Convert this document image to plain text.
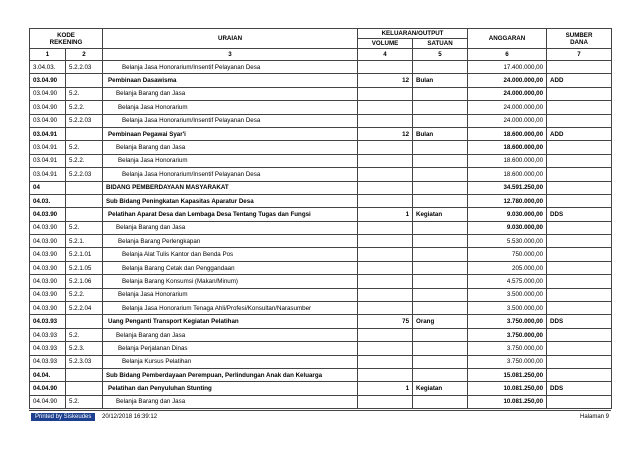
KODE
REKENING		URAIAN	KELUARAN/OUTPUT		ANGGARAN	SUMBER
DANA
			VOLUME	SATUAN		
1	2	3	4	5	6	7
3.04.03.	5.2.2.03	Belanja Jasa Honorarium/Insentif Pelayanan Desa			17.400.000,00	
03.04.90		Pembinaan Dasawisma	12	Bulan	24.000.000,00	ADD
03.04.90	5.2.	Belanja Barang dan Jasa			24.000.000,00	
03.04.90	5.2.2.	Belanja Jasa Honorarium			24.000.000,00	
03.04.90	5.2.2.03	Belanja Jasa Honorarium/Insentif Pelayanan Desa			24.000.000,00	
03.04.91		Pembinaan Pegawai Syar'i	12	Bulan	18.600.000,00	ADD
03.04.91	5.2.	Belanja Barang dan Jasa			18.600.000,00	
03.04.91	5.2.2.	Belanja Jasa Honorarium			18.600.000,00	
03.04.91	5.2.2.03	Belanja Jasa Honorarium/Insentif Pelayanan Desa			18.600.000,00	
04		BIDANG PEMBERDAYAAN MASYARAKAT			34.591.250,00	
04.03.		Sub Bidang Peningkatan Kapasitas Aparatur Desa			12.780.000,00	
04.03.90		Pelatihan Aparat Desa dan Lembaga Desa Tentang Tugas dan Fungsi	1	Kegiatan	9.030.000,00	DDS
04.03.90	5.2.	Belanja Barang dan Jasa			9.030.000,00	
04.03.90	5.2.1.	Belanja Barang Perlengkapan			5.530.000,00	
04.03.90	5.2.1.01	Belanja Alat Tulis Kantor dan Benda Pos			750.000,00	
04.03.90	5.2.1.05	Belanja Barang Cetak dan Penggandaan			205.000,00	
04.03.90	5.2.1.06	Belanja Barang Konsumsi (Makan/Minum)			4.575.000,00	
04.03.90	5.2.2.	Belanja Jasa Honorarium			3.500.000,00	
04.03.90	5.2.2.04	Belanja Jasa Honorarium Tenaga Ahli/Profesi/Konsultan/Narasumber			3.500.000,00	
04.03.93		Uang Penganti Transport Kegiatan Pelatihan	75	Orang	3.750.000,00	DDS
04.03.93	5.2.	Belanja Barang dan Jasa			3.750.000,00	
04.03.93	5.2.3.	Belanja Perjalanan Dinas			3.750.000,00	
04.03.93	5.2.3.03	Belanja Kursus Pelatihan			3.750.000,00	
04.04.		Sub Bidang Pemberdayaan Perempuan, Perlindungan Anak dan Keluarga			15.081.250,00	
04.04.90		Pelatihan dan Penyuluhan Stunting	1	Kegiatan	10.081.250,00	DDS
04.04.90	5.2.	Belanja Barang dan Jasa			10.081.250,00	
Printed by Siskeudes	20/12/2018 16:39:12	Halaman 9
